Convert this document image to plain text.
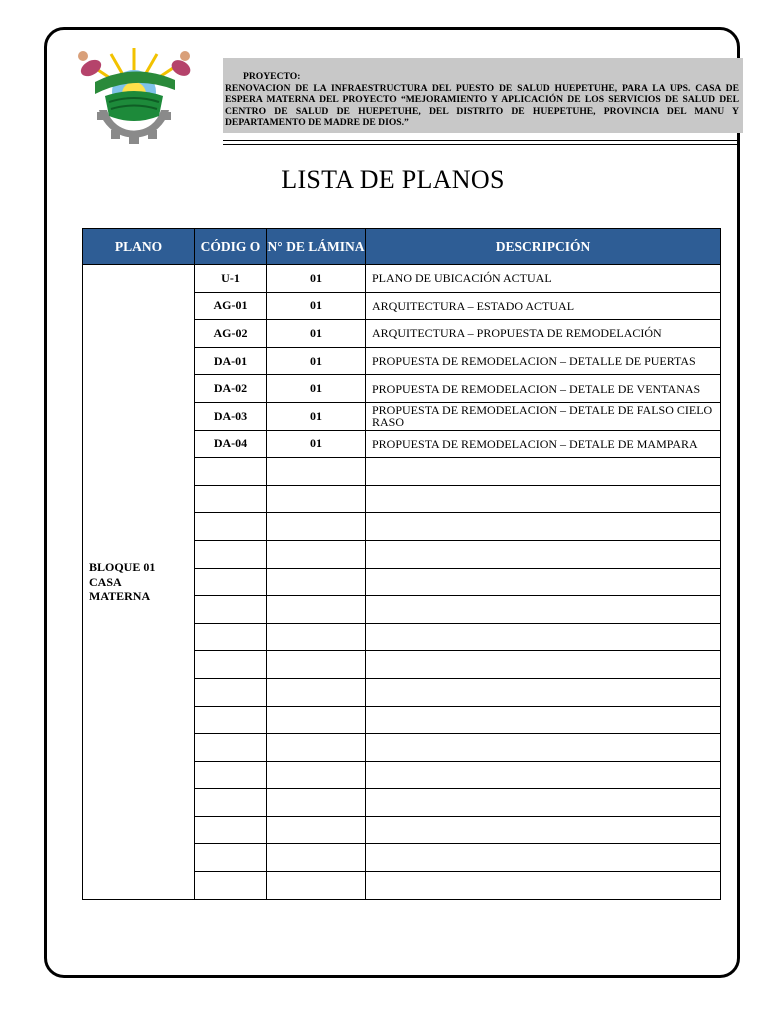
PROYECTO:
RENOVACION DE LA INFRAESTRUCTURA DEL PUESTO DE SALUD HUEPETUHE, PARA LA UPS. CASA DE ESPERA MATERNA DEL PROYECTO “MEJORAMIENTO Y APLICACIÓN DE LOS SERVICIOS DE SALUD DEL CENTRO DE SALUD DE HUEPETUHE, DEL DISTRITO DE HUEPETUHE, PROVINCIA DEL MANU Y DEPARTAMENTO DE MADRE DE DIOS.”
LISTA DE PLANOS
PLANO	CÓDIG O	N° DE LÁMINA	DESCRIPCIÓN

BLOQUE 01
CASA
MATERNA	U-1	01	PLANO DE UBICACIÓN ACTUAL
	AG-01	01	ARQUITECTURA – ESTADO ACTUAL
	AG-02	01	ARQUITECTURA – PROPUESTA DE REMODELACIÓN
	DA-01	01	PROPUESTA DE REMODELACION – DETALLE DE PUERTAS
	DA-02	01	PROPUESTA DE REMODELACION – DETALE DE VENTANAS
	DA-03	01	PROPUESTA DE REMODELACION – DETALE DE FALSO CIELO RASO
	DA-04	01	PROPUESTA DE REMODELACION – DETALE DE MAMPARA
